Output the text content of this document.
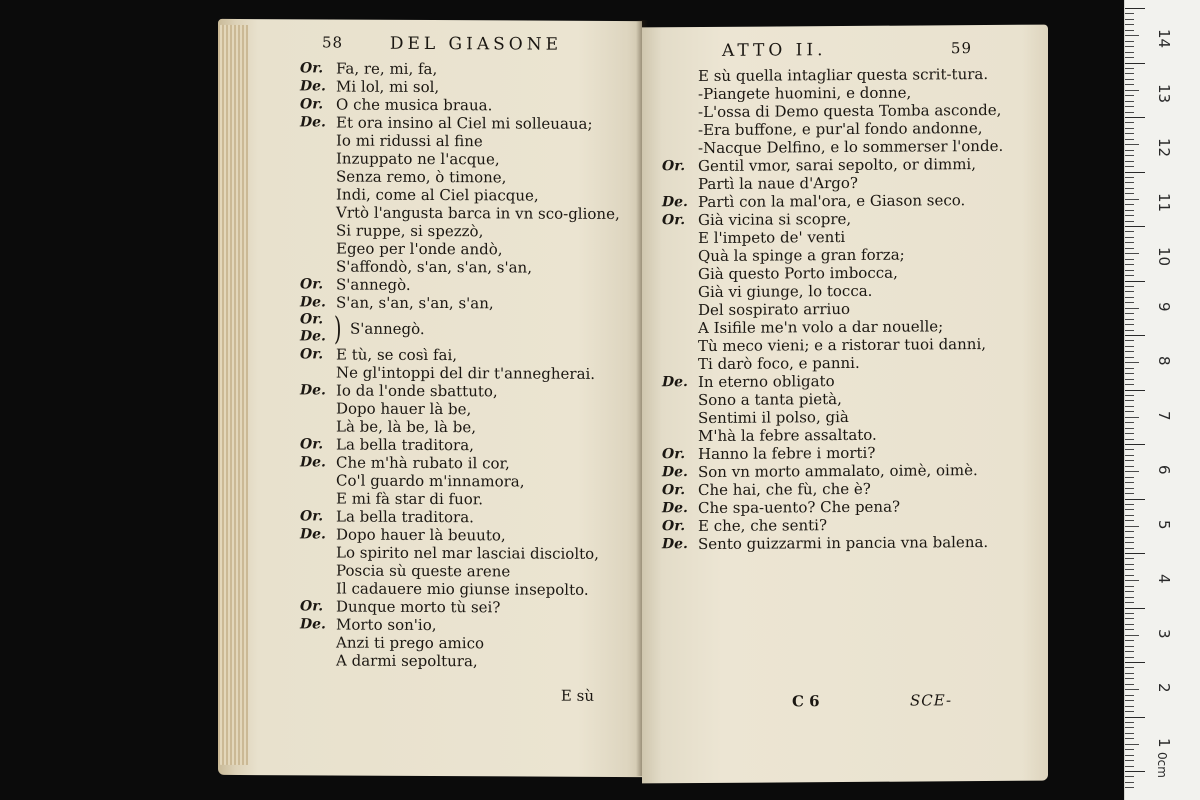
58	DEL GIASONE
Or. Fa, re, mi, fa,
De. Mi lol, mi sol,
Or. O che musica braua.
De. Et ora insino al Ciel mi solleuaua;
Io mi ridussi al fine
Inzuppato ne l'acque,
Senza remo, ò timone,
Indi, come al Ciel piacque,
Vrtò l'angusta barca in vn sco-glione,
Si ruppe, si spezzò,
Egeo per l'onde andò,
S'affondò, s'an, s'an, s'an,
Or. S'annegò.
De. S'an, s'an, s'an, s'an,
Or.
De. ) S'annegò.
Or. E tù, se così fai,
Ne gl'intoppi del dir t'annegherai.
De. Io da l'onde sbattuto,
Dopo hauer là be,
Là be, là be, là be,
Or. La bella traditora,
De. Che m'hà rubato il cor,
Co'l guardo m'innamora,
E mi fà star di fuor.
Or. La bella traditora.
De. Dopo hauer là beuuto,
Lo spirito nel mar lasciai disciolto,
Poscia sù queste arene
Il cadauere mio giunse insepolto.
Or. Dunque morto tù sei?
De. Morto son'io,
Anzi ti prego amico
A darmi sepoltura,
E sù
ATTO II.	59
E sù quella intagliar questa scrit-tura.
-Piangete huomini, e donne,
-L'ossa di Demo questa Tomba asconde,
-Era buffone, e pur'al fondo andonne,
-Nacque Delfino, e lo sommerser l'onde.
Or. Gentil vmor, sarai sepolto, or dimmi,
Partì la naue d'Argo?
De. Partì con la mal'ora, e Giason seco.
Or. Già vicina si scopre,
E l'impeto de' venti
Quà la spinge a gran forza;
Già questo Porto imbocca,
Già vi giunge, lo tocca.
Del sospirato arriuo
A Isifile me'n volo a dar nouelle;
Tù meco vieni; e a ristorar tuoi danni,
Ti darò foco, e panni.
De. In eterno obligato
Sono a tanta pietà,
Sentimi il polso, già
M'hà la febre assaltato.
Or. Hanno la febre i morti?
De. Son vn morto ammalato, oimè, oimè.
Or. Che hai, che fù, che è?
De. Che spa-uento? Che pena?
Or. E che, che senti?
De. Sento guizzarmi in pancia vna balena.
C 6	SCE-
0cm
14
13
12
11
10
9
8
7
6
5
4
3
2
1
